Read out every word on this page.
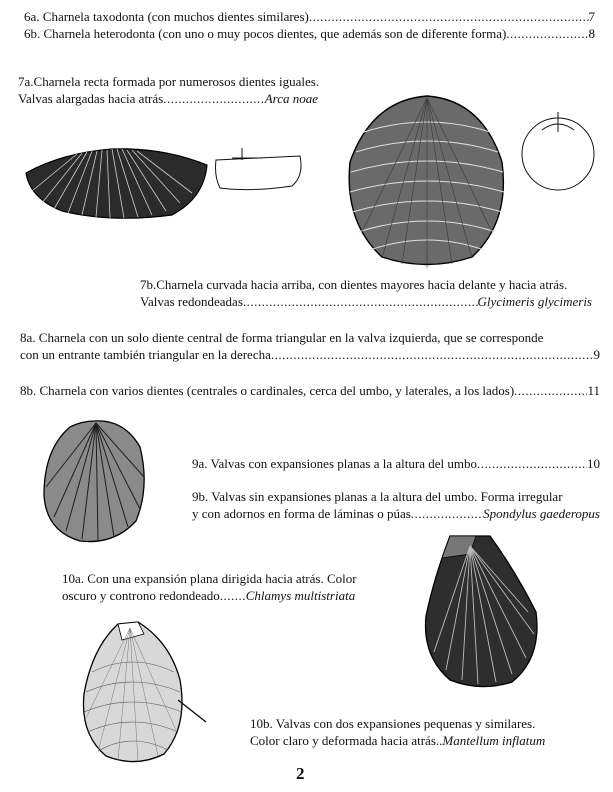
6a. Charnela taxodonta (con muchos dientes similares) .....	7
6b. Charnela heterodonta (con uno o muy pocos dientes, que además son de diferente forma) .....	8
7a.Charnela recta formada por numerosos dientes iguales.
Valvas alargadas hacia atrás .....	Arca noae
7b.Charnela curvada hacia arriba, con dientes mayores hacia delante y hacia atrás.
Valvas redondeadas .....	Glycimeris glycimeris
8a. Charnela con un solo diente central de forma triangular en la valva izquierda, que se corresponde
con un entrante también triangular en la derecha .....	9
8b. Charnela con varios dientes (centrales o cardinales, cerca del umbo, y laterales, a los lados) .....	11
9a. Valvas con expansiones planas a la altura del umbo .....	10
9b. Valvas sin expansiones planas a la altura del umbo. Forma irregular
y con adornos en forma de láminas o púas .....	Spondylus gaederopus
10a. Con una expansión plana dirigida hacia atrás. Color
oscuro y controno redondeado ..... Chlamys multistriata
10b. Valvas con dos expansiones pequenas y similares.
Color claro y deformada hacia atrás..Mantellum inflatum
2
